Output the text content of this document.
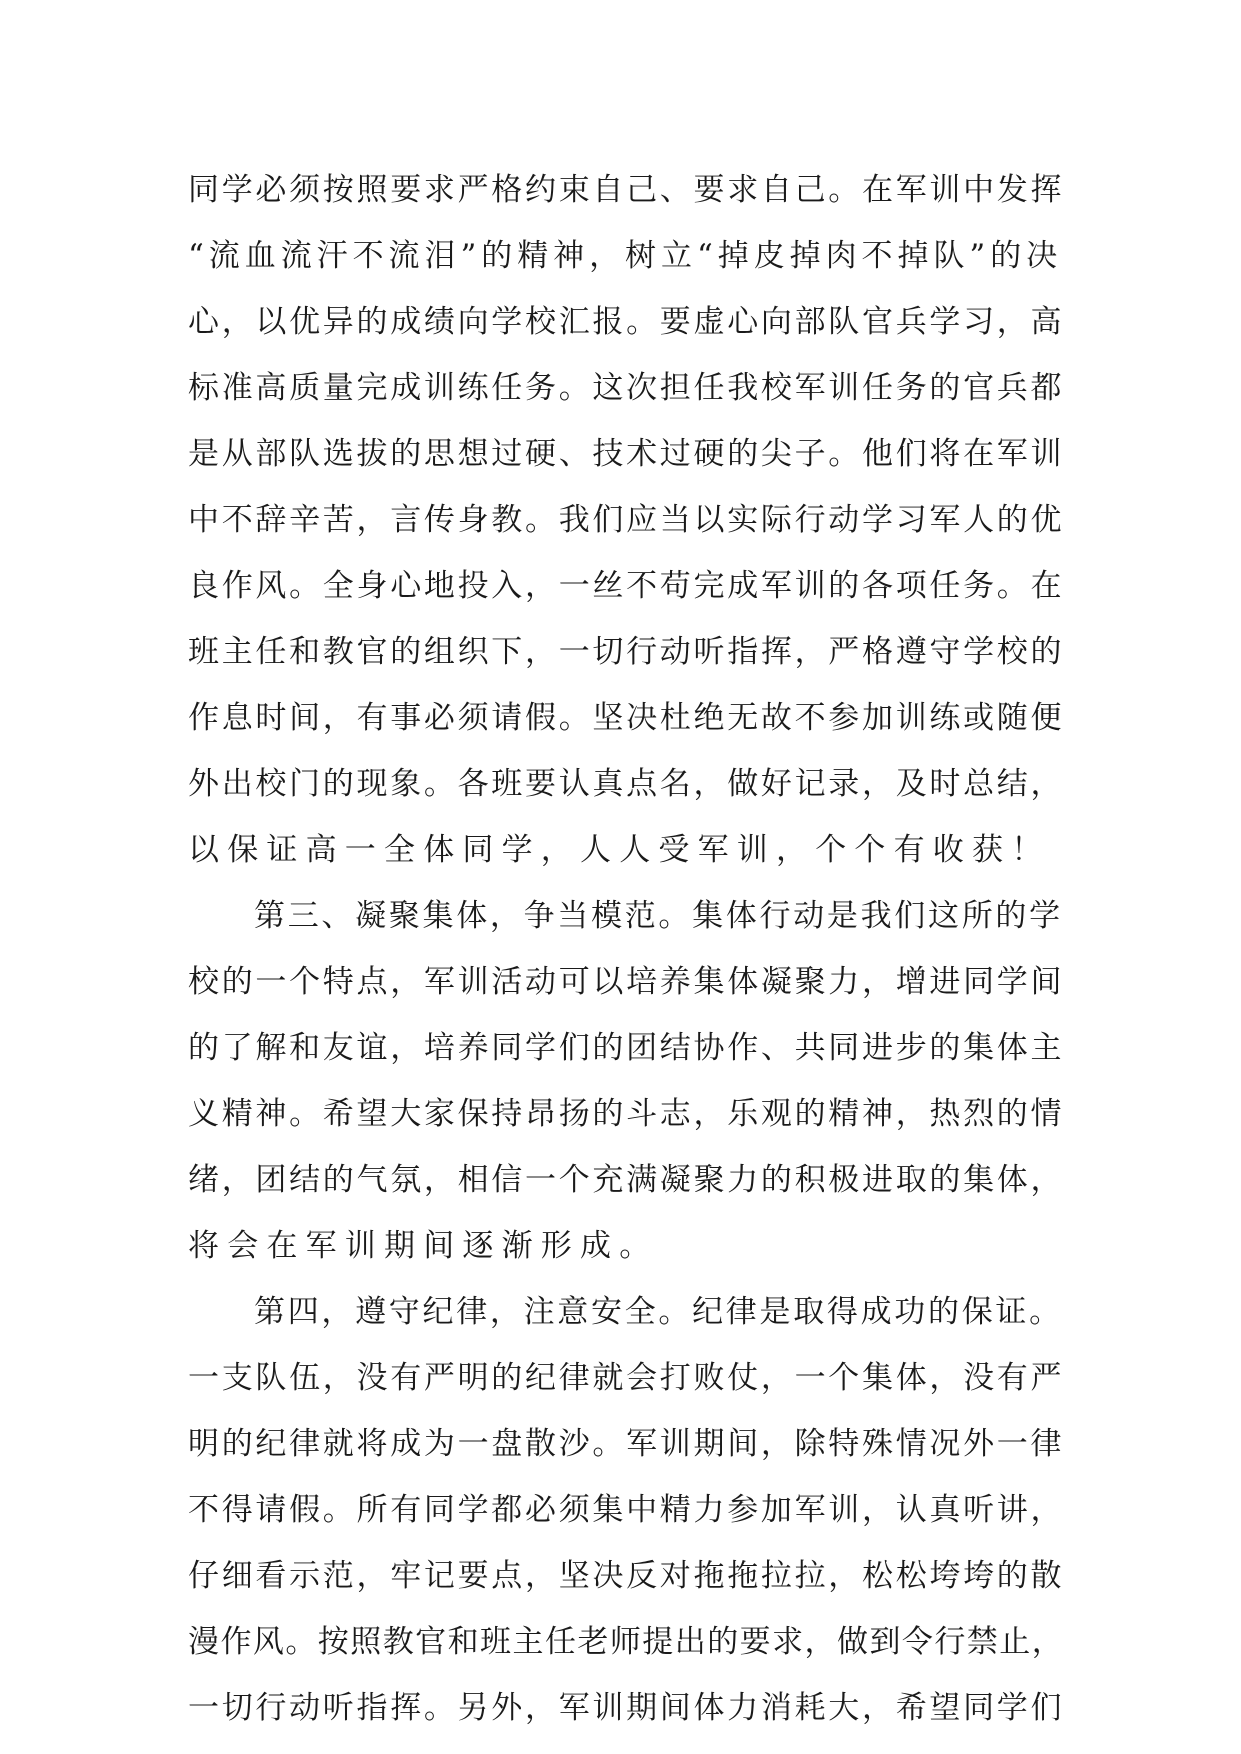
同学必须按照要求严格约束自己、要求自己。在军训中发挥
“流血流汗不流泪”的精神，树立“掉皮掉肉不掉队”的决
心，以优异的成绩向学校汇报。要虚心向部队官兵学习，高
标准高质量完成训练任务。这次担任我校军训任务的官兵都
是从部队选拔的思想过硬、技术过硬的尖子。他们将在军训
中不辞辛苦，言传身教。我们应当以实际行动学习军人的优
良作风。全身心地投入，一丝不苟完成军训的各项任务。在
班主任和教官的组织下，一切行动听指挥，严格遵守学校的
作息时间，有事必须请假。坚决杜绝无故不参加训练或随便
外出校门的现象。各班要认真点名，做好记录，及时总结，
以保证高一全体同学，人人受军训，个个有收获！
第三、凝聚集体，争当模范。集体行动是我们这所的学
校的一个特点，军训活动可以培养集体凝聚力，增进同学间
的了解和友谊，培养同学们的团结协作、共同进步的集体主
义精神。希望大家保持昂扬的斗志，乐观的精神，热烈的情
绪，团结的气氛，相信一个充满凝聚力的积极进取的集体，
将会在军训期间逐渐形成。
第四，遵守纪律，注意安全。纪律是取得成功的保证。
一支队伍，没有严明的纪律就会打败仗，一个集体，没有严
明的纪律就将成为一盘散沙。军训期间，除特殊情况外一律
不得请假。所有同学都必须集中精力参加军训，认真听讲，
仔细看示范，牢记要点，坚决反对拖拖拉拉，松松垮垮的散
漫作风。按照教官和班主任老师提出的要求，做到令行禁止，
一切行动听指挥。另外，军训期间体力消耗大，希望同学们
